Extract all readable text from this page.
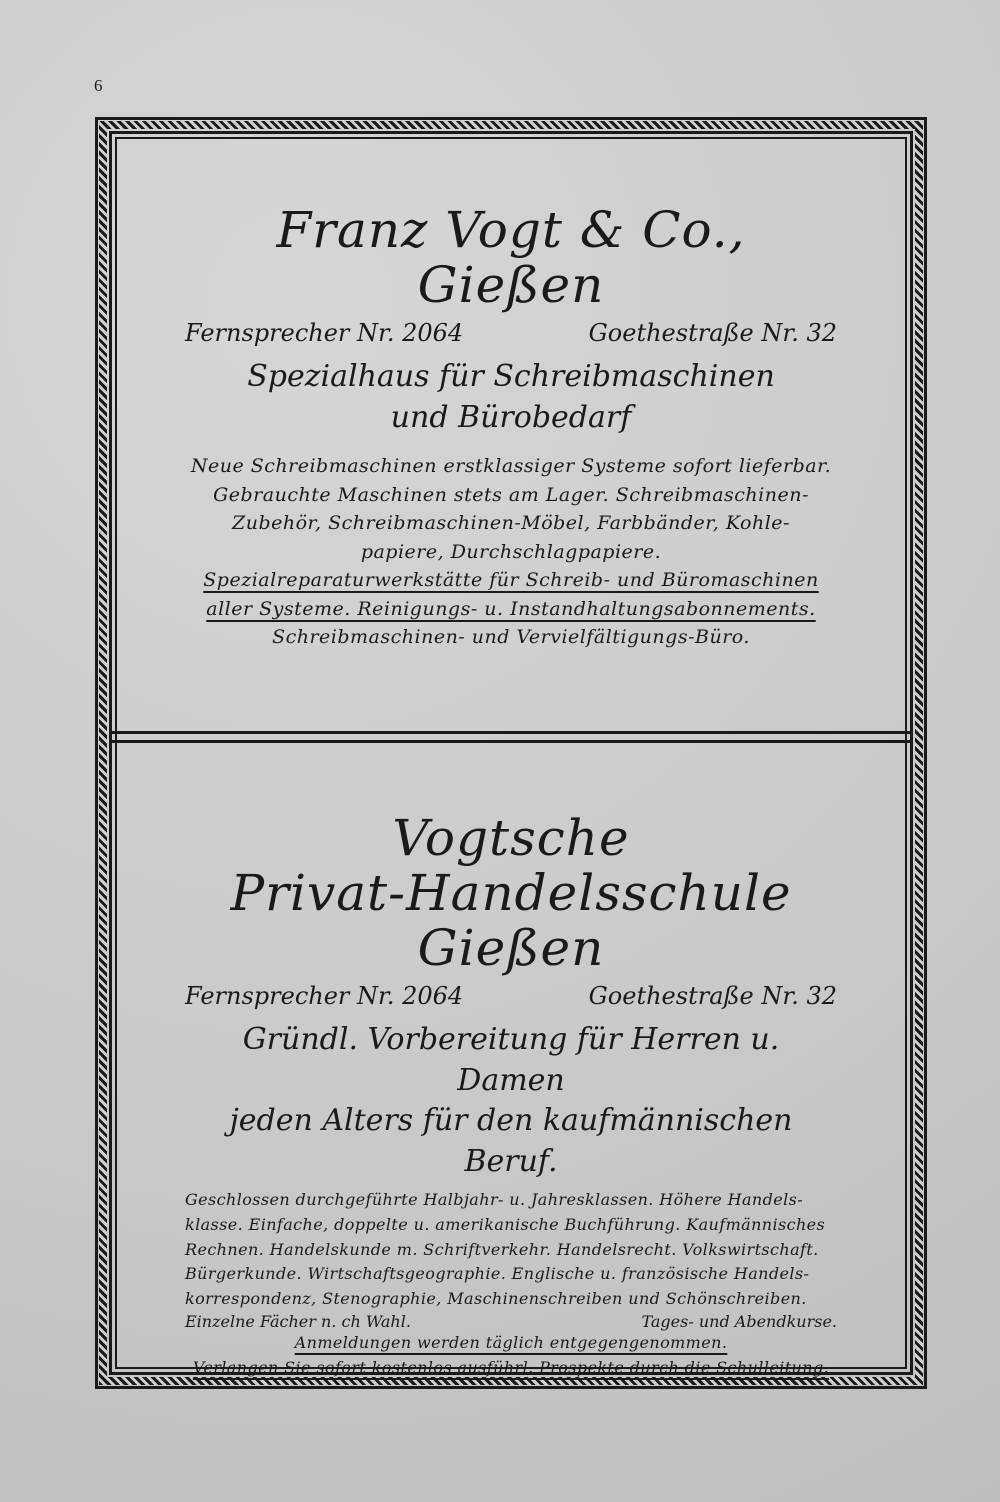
6
Franz Vogt & Co., Gießen
Fernsprecher Nr. 2064	Goethestraße Nr. 32
Spezialhaus für Schreibmaschinen
und Bürobedarf
Neue Schreibmaschinen erstklassiger Systeme sofort lieferbar.
Gebrauchte Maschinen stets am Lager. Schreibmaschinen-
Zubehör, Schreibmaschinen-Möbel, Farbbänder, Kohle-
papiere, Durchschlagpapiere.
Spezialreparaturwerkstätte für Schreib- und Büromaschinen
aller Systeme. Reinigungs- u. Instandhaltungsabonnements.
Schreibmaschinen- und Vervielfältigungs-Büro.
Vogtsche
Privat-Handelsschule Gießen
Fernsprecher Nr. 2064	Goethestraße Nr. 32
Gründl. Vorbereitung für Herren u. Damen
jeden Alters für den kaufmännischen Beruf.
Geschlossen durchgeführte Halbjahr- u. Jahresklassen. Höhere Handels-
klasse. Einfache, doppelte u. amerikanische Buchführung. Kaufmännisches
Rechnen. Handelskunde m. Schriftverkehr. Handelsrecht. Volkswirtschaft.
Bürgerkunde. Wirtschaftsgeographie. Englische u. französische Handels-
korrespondenz, Stenographie, Maschinenschreiben und Schönschreiben.
Einzelne Fächer n. ch Wahl.	Tages- und Abendkurse.
Anmeldungen werden täglich entgegengenommen.
Verlangen Sie sofort kostenlos ausführl. Prospekte durch die Schulleitung.
